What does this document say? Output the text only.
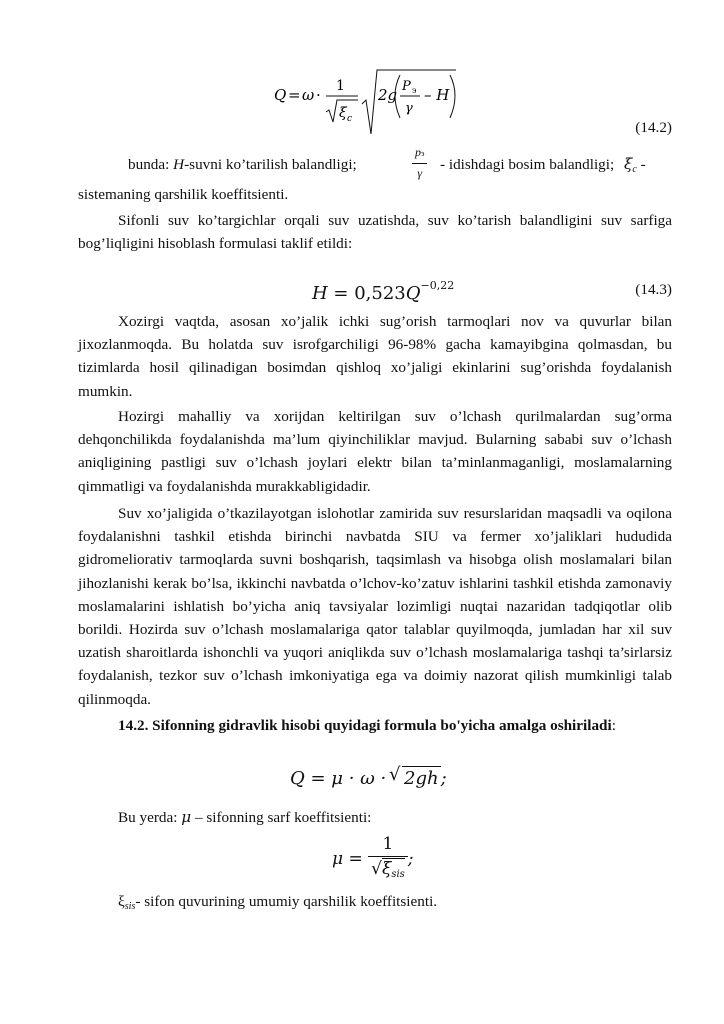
Q = ω · 1
ξ c
2g P э
γ
– H
(14.2)
bunda: H-suvni ko’tarilish balandligi;
pэ
γ	- idishdagi bosim balandligi; $\xi_c$ -

sistemaning qarshilik koeffitsienti.

Sifonli suv ko’targichlar orqali suv uzatishda, suv ko’tarish balandligini suv sarfiga bog’liqligini hisoblash formulasi taklif etildi:

$H = 0,523Q^{-0,22}$	(14.3)

Xozirgi vaqtda, asosan xo’jalik ichki sug’orish tarmoqlari nov va quvurlar bilan jixozlanmoqda. Bu holatda suv isrofgarchiligi 96-98% gacha kamayibgina qolmasdan, bu tizimlarda hosil qilinadigan bosimdan qishloq xo’jaligi ekinlarini sug’orishda foydalanish mumkin.

Hozirgi mahalliy va xorijdan keltirilgan suv o’lchash qurilmalardan sug’orma dehqonchilikda foydalanishda ma’lum qiyinchiliklar mavjud. Bularning sababi suv o’lchash aniqligining pastligi suv o’lchash joylari elektr bilan ta’minlanmaganligi, moslamalarning qimmatligi va foydalanishda murakkabligidadir.

Suv xo’jaligida o’tkazilayotgan islohotlar zamirida suv resurslaridan maqsadli va oqilona foydalanishni tashkil etishda birinchi navbatda SIU va fermer xo’jaliklari hududida gidromeliorativ tarmoqlarda suvni boshqarish, taqsimlash va hisobga olish moslamalari bilan jihozlanishi kerak bo’lsa, ikkinchi navbatda o’lchov-ko’zatuv ishlarini tashkil etishda zamonaviy moslamalarini ishlatish bo’yicha aniq tavsiyalar lozimligi nuqtai nazaridan tadqiqotlar olib borildi. Hozirda suv o’lchash moslamalariga qator talablar quyilmoqda, jumladan har xil suv uzatish sharoitlarda ishonchli va yuqori aniqlikda suv o’lchash moslamalariga tashqi ta’sirlarsiz foydalanish, tezkor suv o’lchash imkoniyatiga ega va doimiy nazorat qilish mumkinligi talab qilinmoqda.

14.2. Sifonning gidravlik hisobi quyidagi formula bo'yicha amalga oshiriladi:

Q = μ · ω ·
√ 2gh ;

Bu yerda: μ – sifonning sarf koeffitsienti:

$\mu = \frac{1}{√\xi_{sis}}$ ;

$\xi_{sis}-$ sifon quvurining umumiy qarshilik koeffitsienti.
